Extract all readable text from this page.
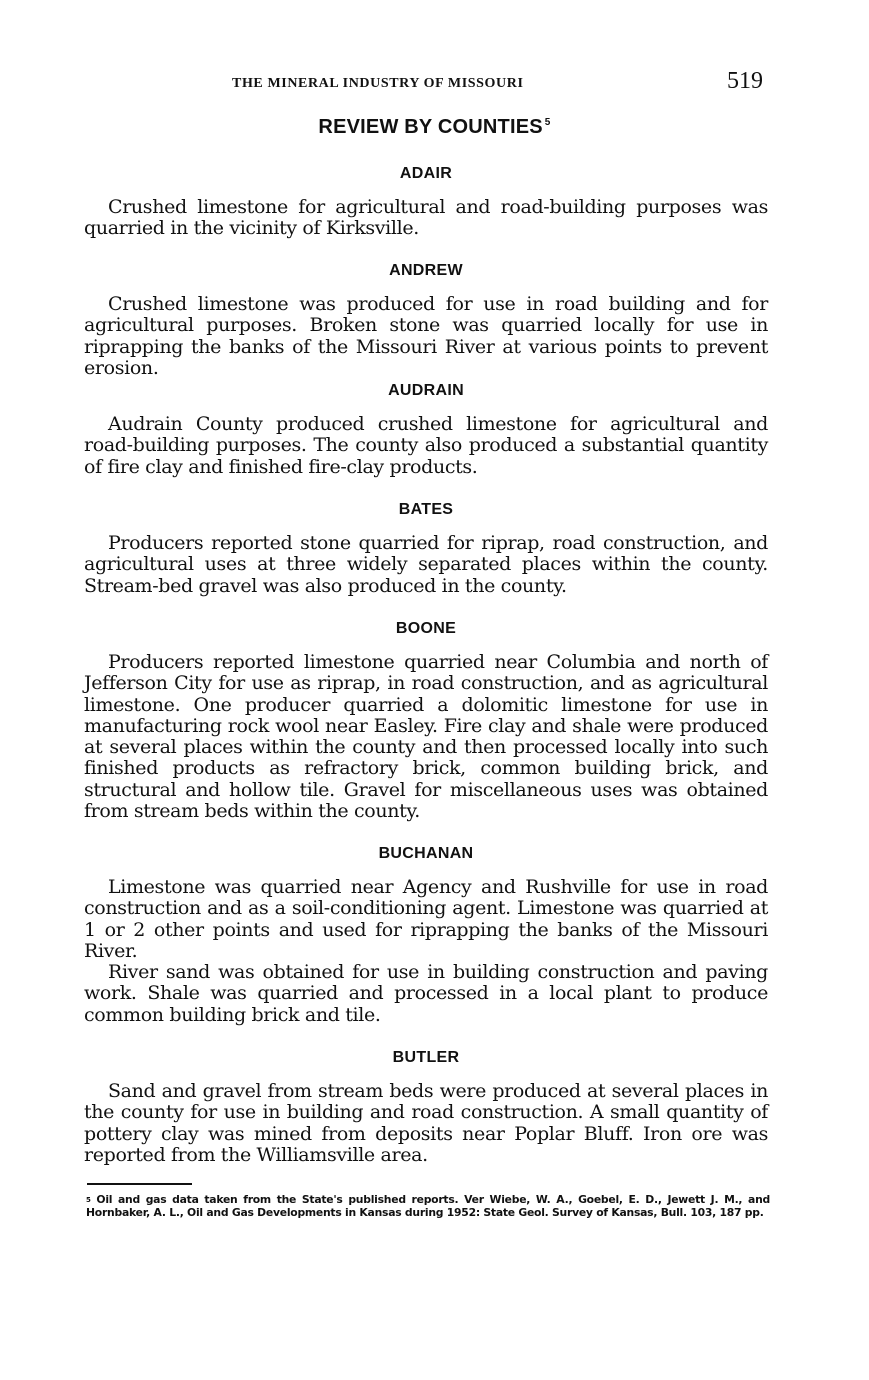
THE MINERAL INDUSTRY OF MISSOURI	519
REVIEW BY COUNTIES $^5$
ADAIR

Crushed limestone for agricultural and road-building purposes was quarried in the vicinity of Kirksville.

ANDREW

Crushed limestone was produced for use in road building and for agricultural purposes. Broken stone was quarried locally for use in riprapping the banks of the Missouri River at various points to prevent erosion.

AUDRAIN

Audrain County produced crushed limestone for agricultural and road-building purposes. The county also produced a substantial quantity of fire clay and finished fire-clay products.

BATES

Producers reported stone quarried for riprap, road construction, and agricultural uses at three widely separated places within the county. Stream-bed gravel was also produced in the county.

BOONE

Producers reported limestone quarried near Columbia and north of Jefferson City for use as riprap, in road construction, and as agricultural limestone. One producer quarried a dolomitic limestone for use in manufacturing rock wool near Easley. Fire clay and shale were produced at several places within the county and then processed locally into such finished products as refractory brick, common building brick, and structural and hollow tile. Gravel for miscellaneous uses was obtained from stream beds within the county.

BUCHANAN

Limestone was quarried near Agency and Rushville for use in road construction and as a soil-conditioning agent. Limestone was quarried at 1 or 2 other points and used for riprapping the banks of the Missouri River.

River sand was obtained for use in building construction and paving work. Shale was quarried and processed in a local plant to produce common building brick and tile.

BUTLER

Sand and gravel from stream beds were produced at several places in the county for use in building and road construction. A small quantity of pottery clay was mined from deposits near Poplar Bluff. Iron ore was reported from the Williamsville area.

$^5$ Oil and gas data taken from the State's published reports. Ver Wiebe, W. A., Goebel, E. D., Jewett J. M., and Hornbaker, A. L., Oil and Gas Developments in Kansas during 1952: State Geol. Survey of Kansas, Bull. 103, 187 pp.
